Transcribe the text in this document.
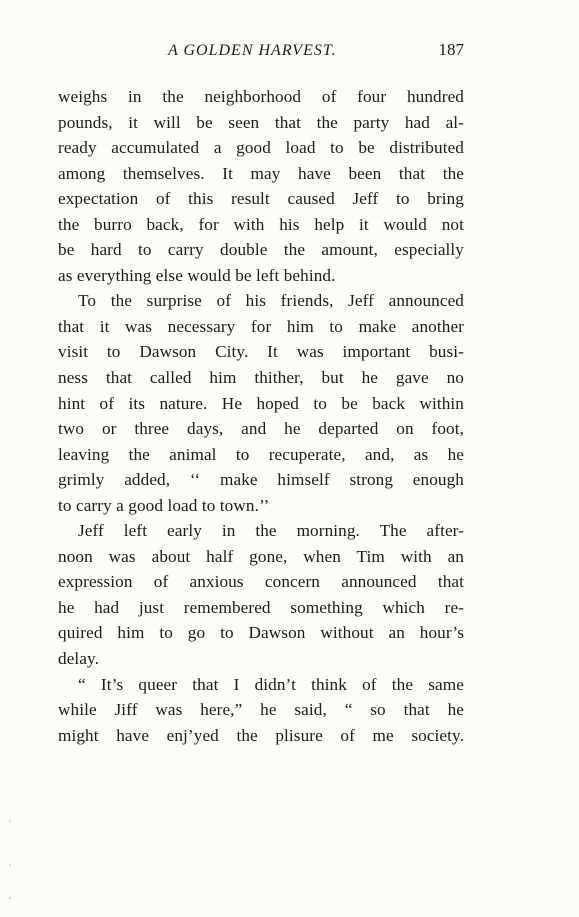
A GOLDEN HARVEST.	187
weighs in the neighborhood of four hundred
pounds, it will be seen that the party had al-
ready accumulated a good load to be distributed
among themselves. It may have been that the
expectation of this result caused Jeff to bring
the burro back, for with his help it would not
be hard to carry double the amount, especially
as everything else would be left behind.
To the surprise of his friends, Jeff announced
that it was necessary for him to make another
visit to Dawson City. It was important busi-
ness that called him thither, but he gave no
hint of its nature. He hoped to be back within
two or three days, and he departed on foot,
leaving the animal to recuperate, and, as he
grimly added, ‘‘ make himself strong enough
to carry a good load to town.’’
Jeff left early in the morning. The after-
noon was about half gone, when Tim with an
expression of anxious concern announced that
he had just remembered something which re-
quired him to go to Dawson without an hour’s
delay.
“ It’s queer that I didn’t think of the same
while Jiff was here,” he said, “ so that he
might have enj’yed the plisure of me society.
